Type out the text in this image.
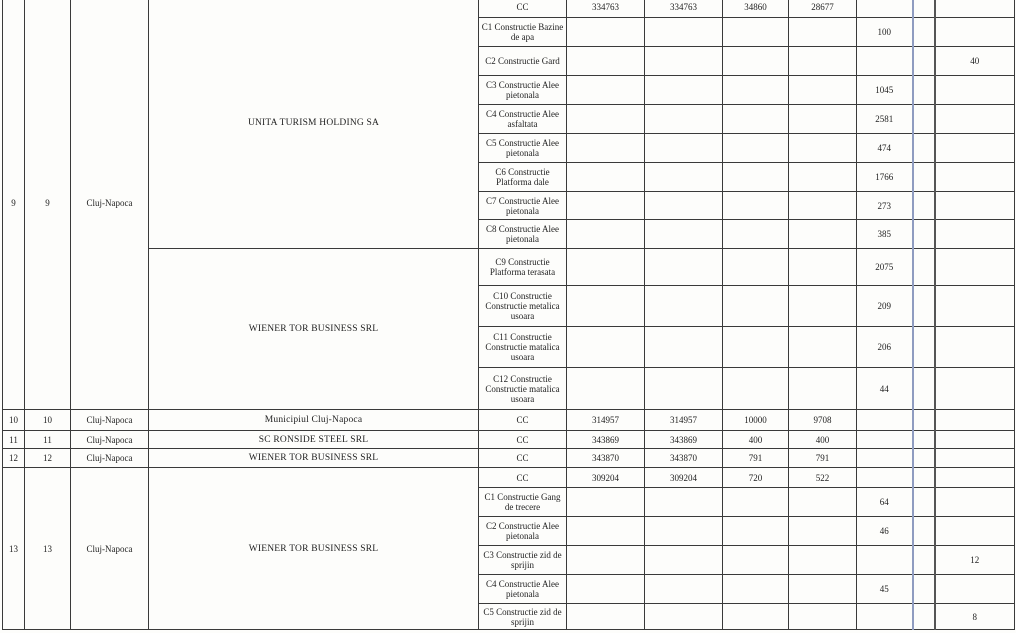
9	9	Cluj-Napoca	UNITA TURISM HOLDING SA	CC	334763	334763	34860	28677			
				C1 Constructie Bazine de apa					100		
				C2 Constructie Gard							40
				C3 Constructie Alee pietonala					1045		
				C4 Constructie Alee asfaltata					2581		
				C5 Constructie Alee pietonala					474		
				C6 Constructie Platforma dale					1766		
				C7 Constructie Alee pietonala					273		
				C8 Constructie Alee pietonala					385		
			WIENER TOR BUSINESS SRL	C9 Constructie Platforma terasata					2075		
				C10 Constructie Constructie metalica usoara					209		
				C11 Constructie Constructie matalica usoara					206		
				C12 Constructie Constructie matalica usoara					44		
10	10	Cluj-Napoca	Municipiul Cluj-Napoca	CC	314957	314957	10000	9708			
11	11	Cluj-Napoca	SC RONSIDE STEEL SRL	CC	343869	343869	400	400			
12	12	Cluj-Napoca	WIENER TOR BUSINESS SRL	CC	343870	343870	791	791			
13	13	Cluj-Napoca	WIENER TOR BUSINESS SRL	CC	309204	309204	720	522			
				C1 Constructie Gang de trecere					64		
				C2 Constructie Alee pietonala					46		
				C3 Constructie zid de sprijin							12
				C4 Constructie Alee pietonala					45		
				C5 Constructie zid de sprijin							8
